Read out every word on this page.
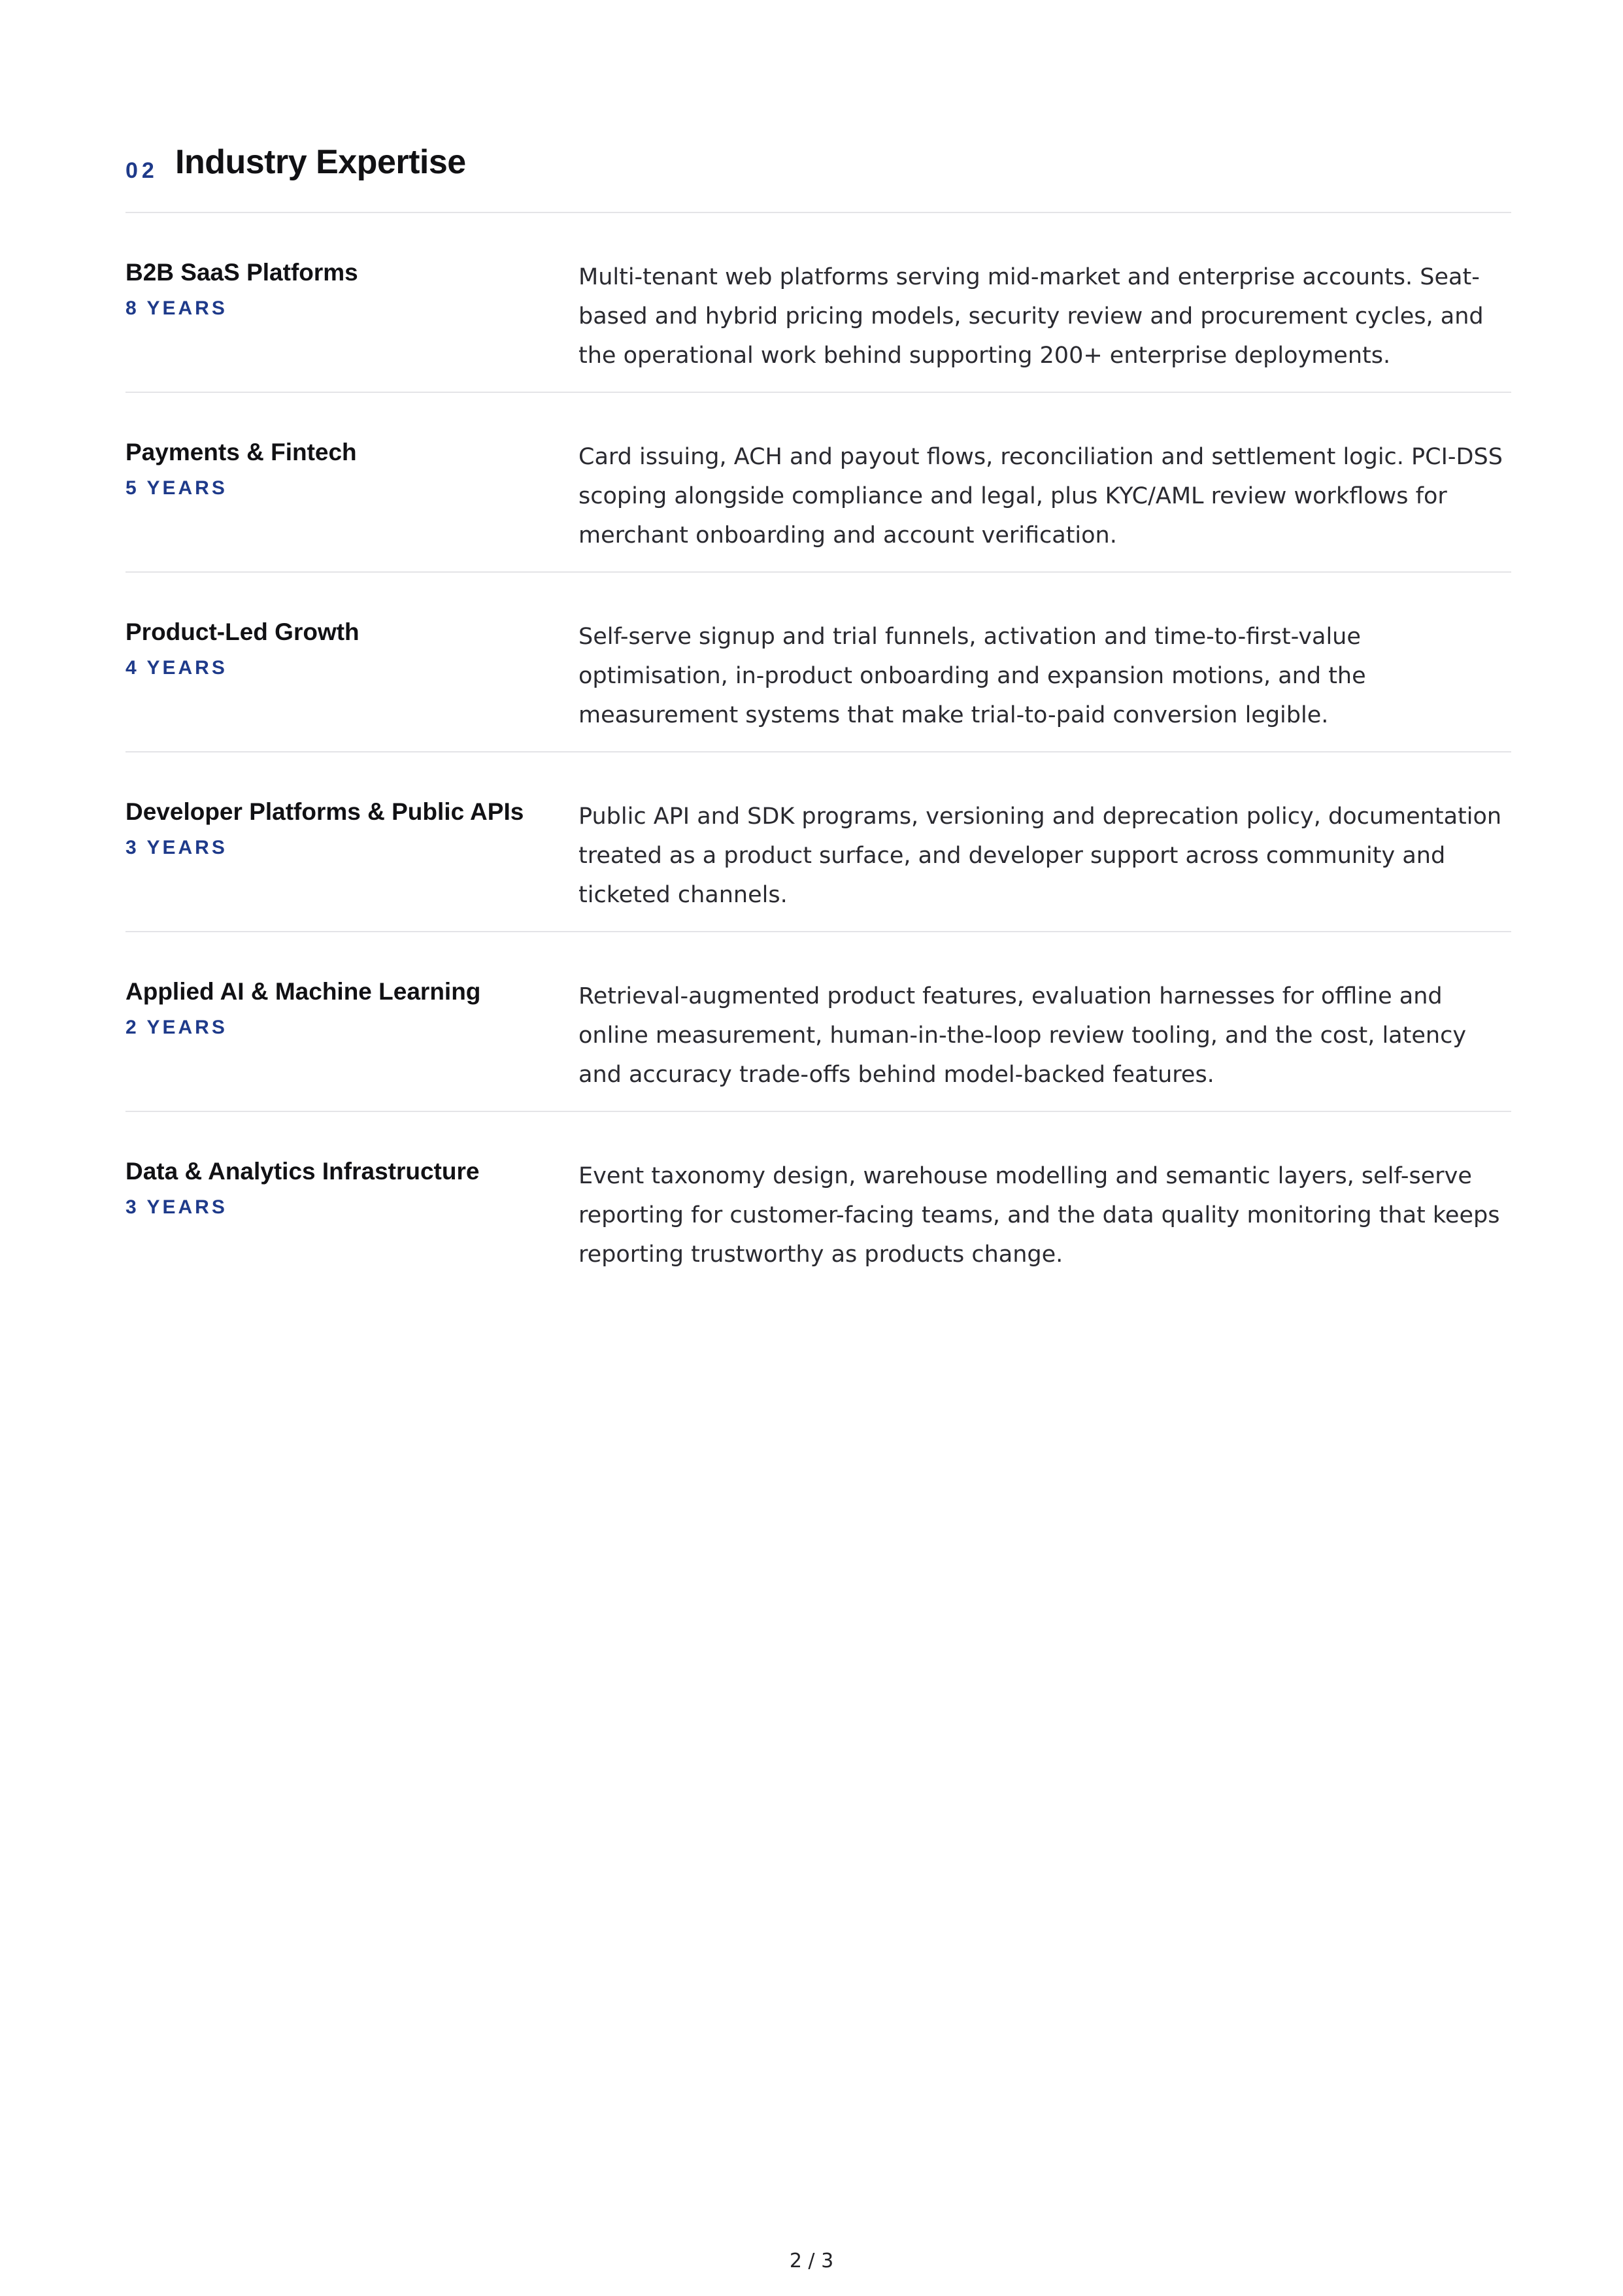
02 Industry Expertise
B2B SaaS Platforms
8 YEARS
Multi-tenant web platforms serving mid-market and enterprise accounts. Seat-based and hybrid pricing models, security review and procurement cycles, and the operational work behind supporting 200+ enterprise deployments.
Payments & Fintech
5 YEARS
Card issuing, ACH and payout flows, reconciliation and settlement logic. PCI-DSS scoping alongside compliance and legal, plus KYC/AML review workflows for merchant onboarding and account verification.
Product-Led Growth
4 YEARS
Self-serve signup and trial funnels, activation and time-to-first-value optimisation, in-product onboarding and expansion motions, and the measurement systems that make trial-to-paid conversion legible.
Developer Platforms & Public APIs
3 YEARS
Public API and SDK programs, versioning and deprecation policy, documentation treated as a product surface, and developer support across community and ticketed channels.
Applied AI & Machine Learning
2 YEARS
Retrieval-augmented product features, evaluation harnesses for offline and online measurement, human-in-the-loop review tooling, and the cost, latency and accuracy trade-offs behind model-backed features.
Data & Analytics Infrastructure
3 YEARS
Event taxonomy design, warehouse modelling and semantic layers, self-serve reporting for customer-facing teams, and the data quality monitoring that keeps reporting trustworthy as products change.
2 / 3
